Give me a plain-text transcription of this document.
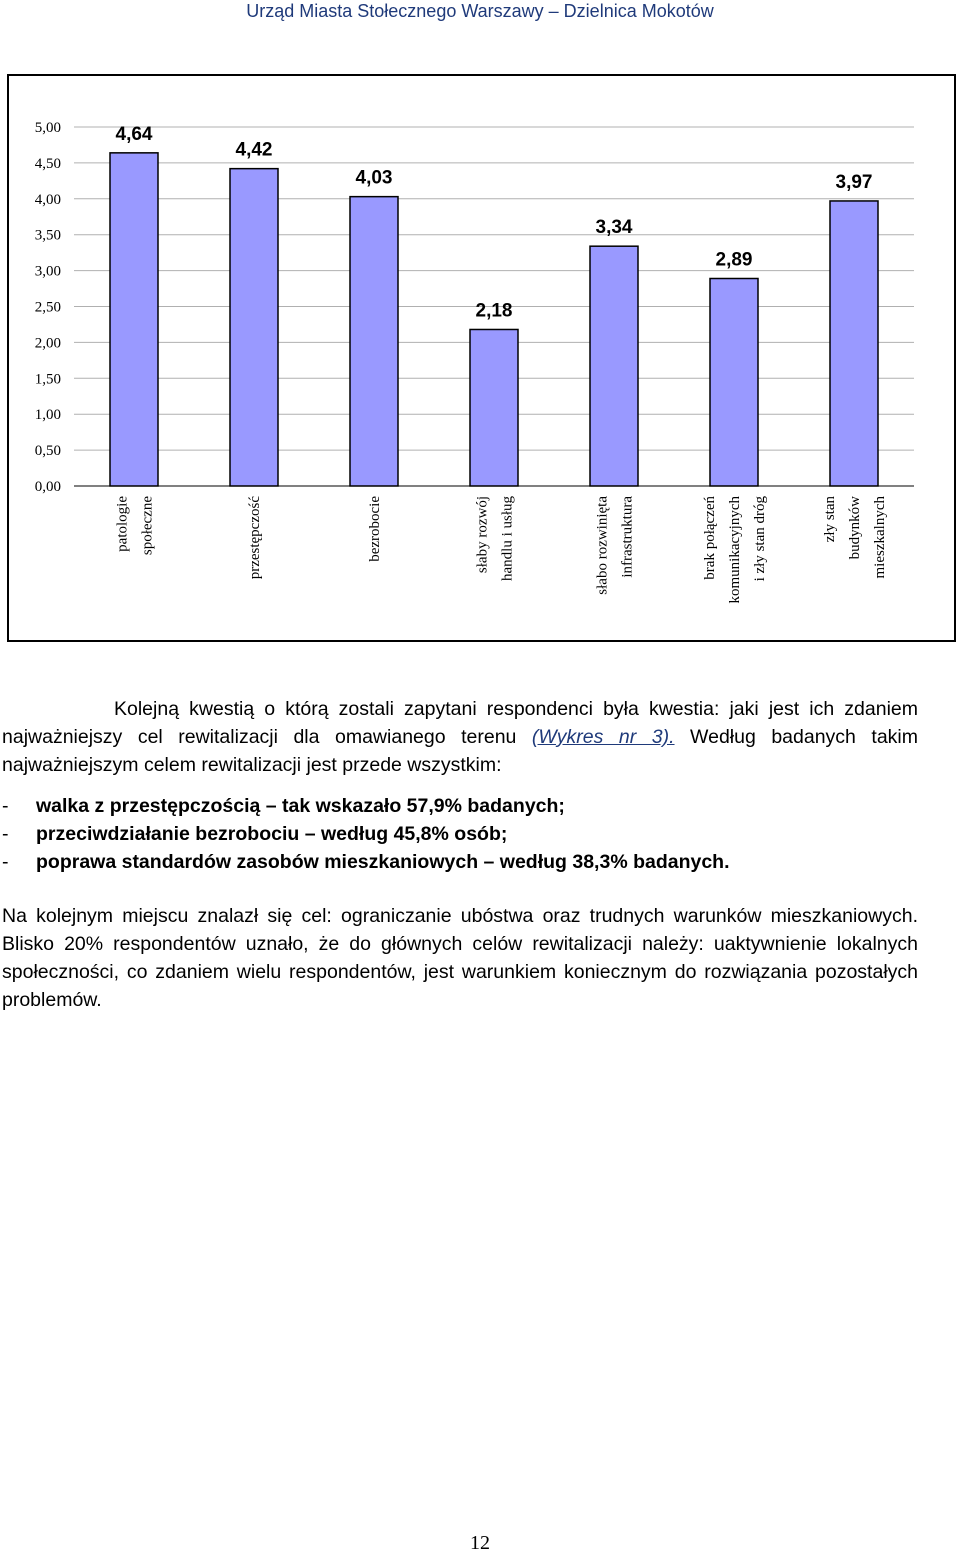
Urząd Miasta Stołecznego Warszawy – Dzielnica Mokotów
0,00
0,50
1,00
1,50
2,00
2,50
3,00
3,50
4,00
4,50
5,00	4,64
patologie społeczne
4,42
przestępczość
4,03
bezrobocie
2,18
słaby rozwój handlu i usług
3,34
słabo rozwinięta infrastruktura
2,89
brak połączeń komunikacyjnych i zły stan dróg
3,97
zły stan budynków mieszkalnych
Kolejną kwestią o którą zostali zapytani respondenci była kwestia: jaki jest ich zdaniem najważniejszy cel rewitalizacji dla omawianego terenu (Wykres nr 3). Według badanych takim najważniejszym celem rewitalizacji jest przede wszystkim:
-	walka z przestępczością – tak wskazało 57,9% badanych;
-	przeciwdziałanie bezrobociu – według 45,8% osób;
-	poprawa standardów zasobów mieszkaniowych – według 38,3% badanych.
Na kolejnym miejscu znalazł się cel: ograniczanie ubóstwa oraz trudnych warunków mieszkaniowych. Blisko 20% respondentów uznało, że do głównych celów rewitalizacji należy: uaktywnienie lokalnych społeczności, co zdaniem wielu respondentów, jest warunkiem koniecznym do rozwiązania pozostałych problemów.
12
